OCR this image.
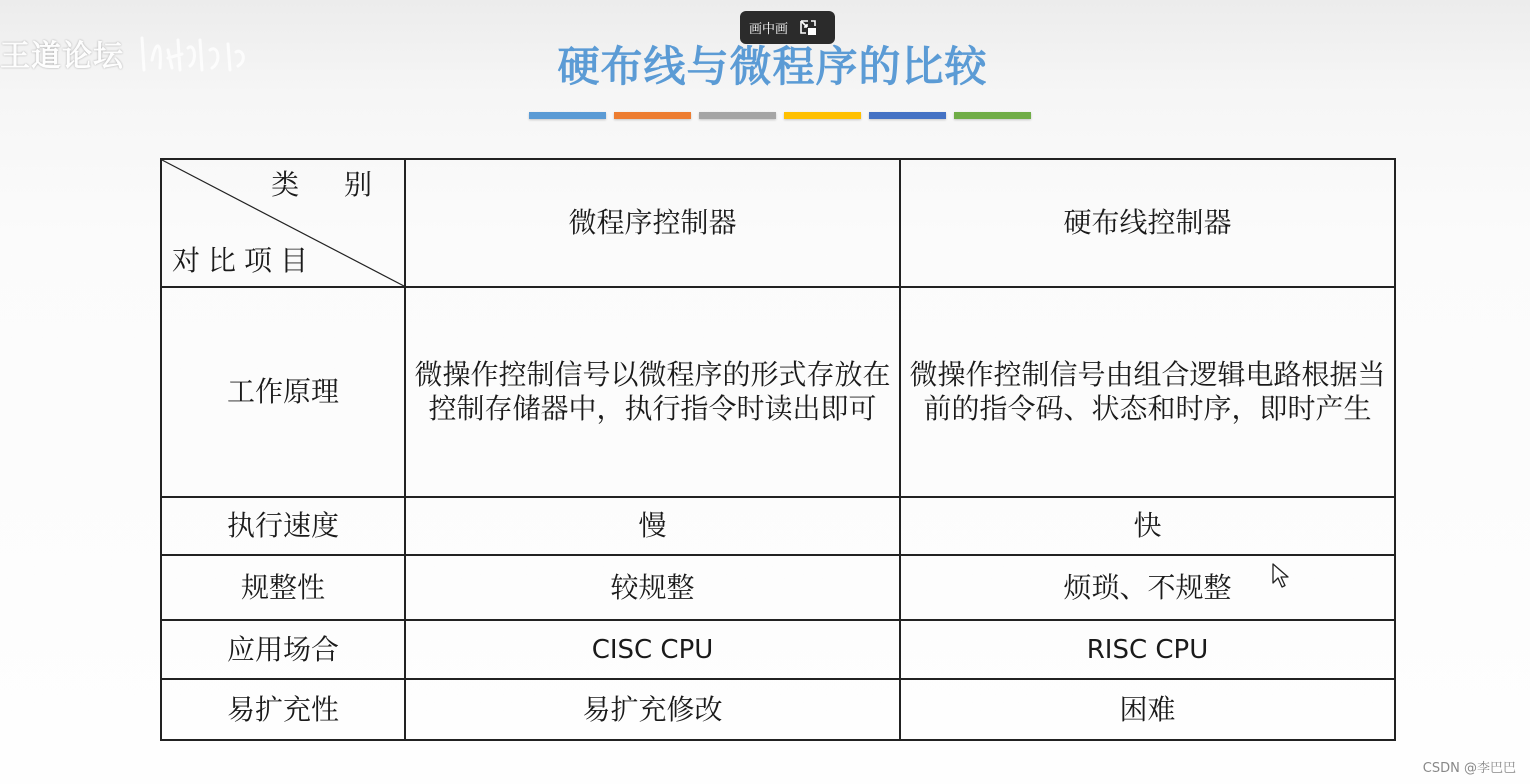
王道论坛
画中画
硬布线与微程序的比较
类 别
对比项目	微程序控制器	硬布线控制器
工作原理	微操作控制信号以微程序的形式存放在控制存储器中，执行指令时读出即可	微操作控制信号由组合逻辑电路根据当前的指令码、状态和时序，即时产生
执行速度	慢	快
规整性	较规整	烦琐、不规整
应用场合	CISC CPU	RISC CPU
易扩充性	易扩充修改	困难
CSDN @李巴巴
